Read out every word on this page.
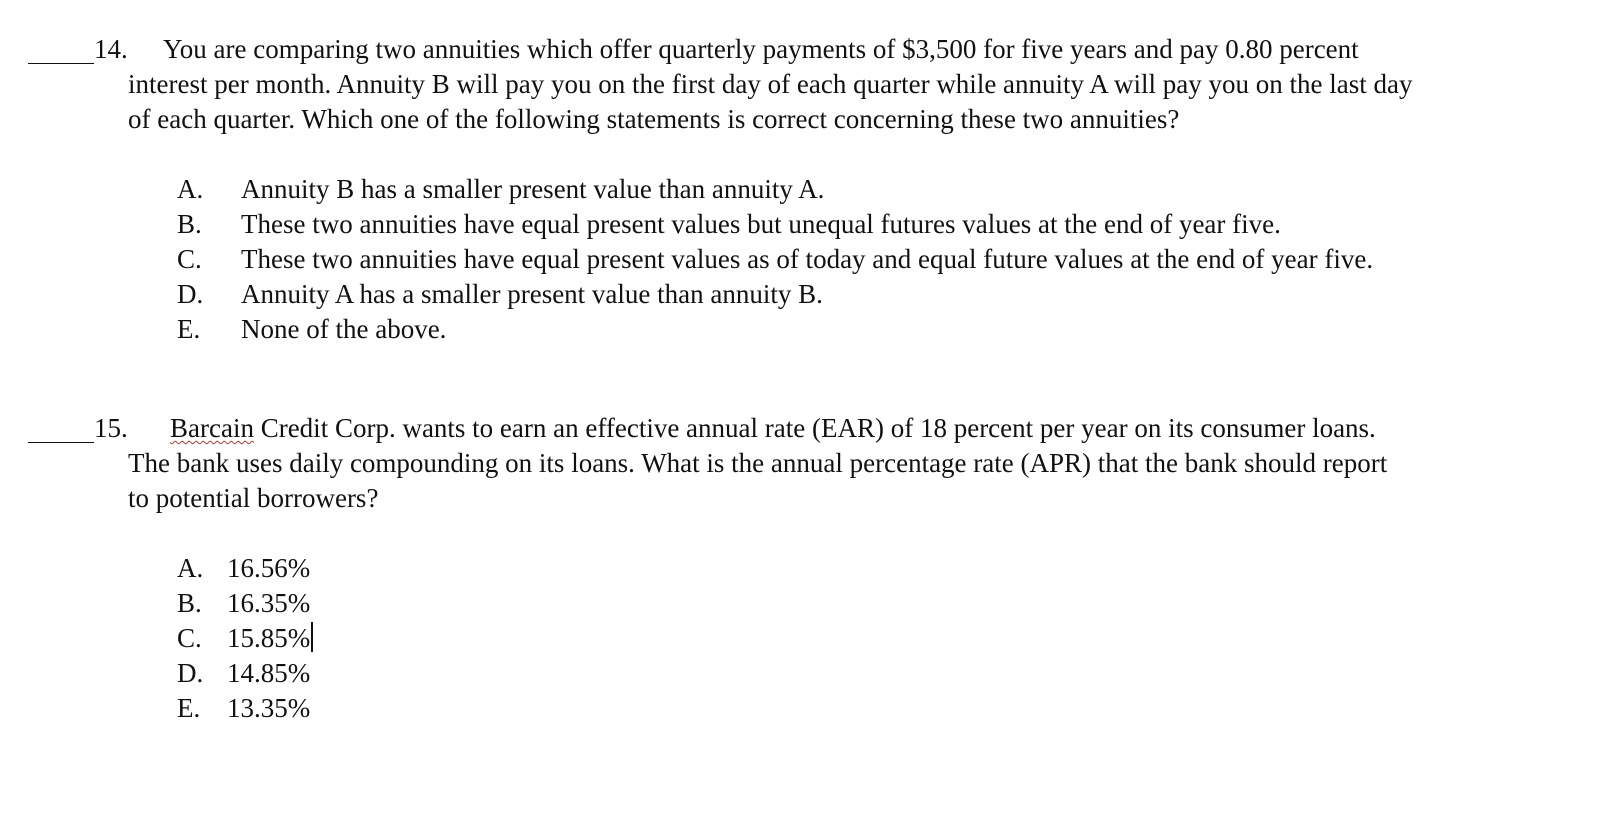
14. You are comparing two annuities which offer quarterly payments of $3,500 for five years and pay 0.80 percent
interest per month. Annuity B will pay you on the first day of each quarter while annuity A will pay you on the last day
of each quarter. Which one of the following statements is correct concerning these two annuities?
A. Annuity B has a smaller present value than annuity A.
B. These two annuities have equal present values but unequal futures values at the end of year five.
C. These two annuities have equal present values as of today and equal future values at the end of year five.
D. Annuity A has a smaller present value than annuity B.
E. None of the above.
15. Barcain Credit Corp. wants to earn an effective annual rate (EAR) of 18 percent per year on its consumer loans.
The bank uses daily compounding on its loans. What is the annual percentage rate (APR) that the bank should report
to potential borrowers?
A. 16.56%
B. 16.35%
C. 15.85%
D. 14.85%
E. 13.35%
